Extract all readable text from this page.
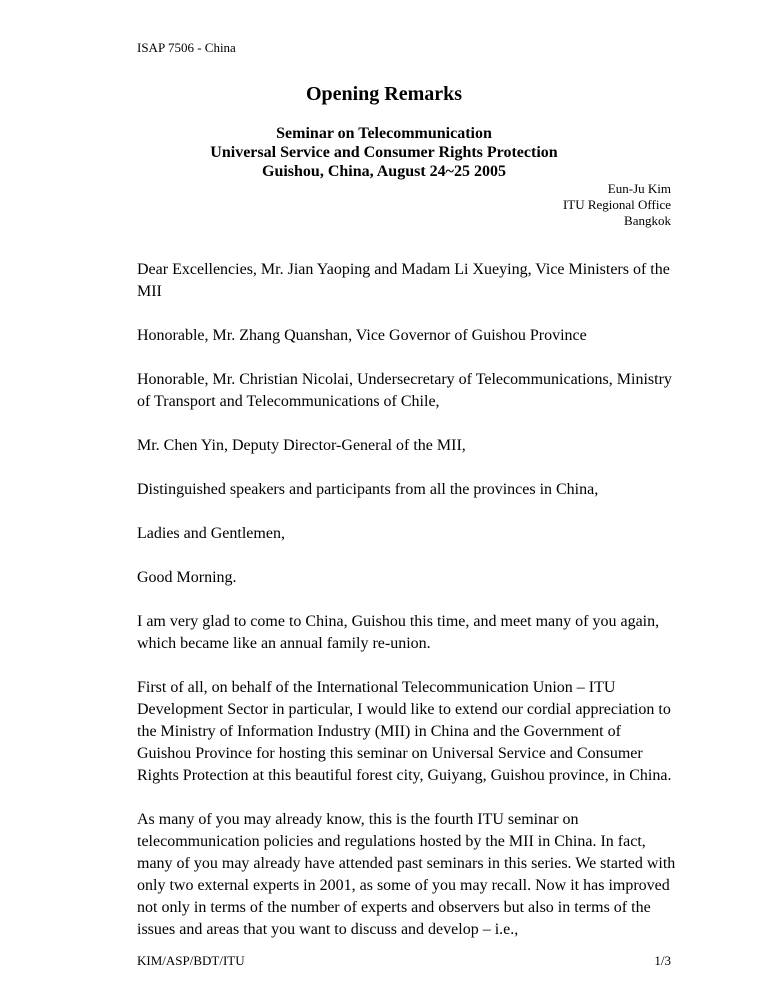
ISAP 7506 - China
Opening Remarks
Seminar on Telecommunication
Universal Service and Consumer Rights Protection
Guishou, China, August 24~25 2005
Eun-Ju Kim
ITU Regional Office
Bangkok

Dear Excellencies, Mr. Jian Yaoping and Madam Li Xueying, Vice Ministers of the MII

Honorable, Mr. Zhang Quanshan, Vice Governor of Guishou Province

Honorable, Mr. Christian Nicolai, Undersecretary of Telecommunications, Ministry of Transport and Telecommunications of Chile,

Mr. Chen Yin, Deputy Director-General of the MII,

Distinguished speakers and participants from all the provinces in China,

Ladies and Gentlemen,

Good Morning.

I am very glad to come to China, Guishou this time, and meet many of you again, which became like an annual family re-union.

First of all, on behalf of the International Telecommunication Union – ITU Development Sector in particular, I would like to extend our cordial appreciation to the Ministry of Information Industry (MII) in China and the Government of Guishou Province for hosting this seminar on Universal Service and Consumer Rights Protection at this beautiful forest city, Guiyang, Guishou province, in China.

As many of you may already know, this is the fourth ITU seminar on telecommunication policies and regulations hosted by the MII in China. In fact, many of you may already have attended past seminars in this series. We started with only two external experts in 2001, as some of you may recall. Now it has improved not only in terms of the number of experts and observers but also in terms of the issues and areas that you want to discuss and develop – i.e.,

KIM/ASP/BDT/ITU	1/3
